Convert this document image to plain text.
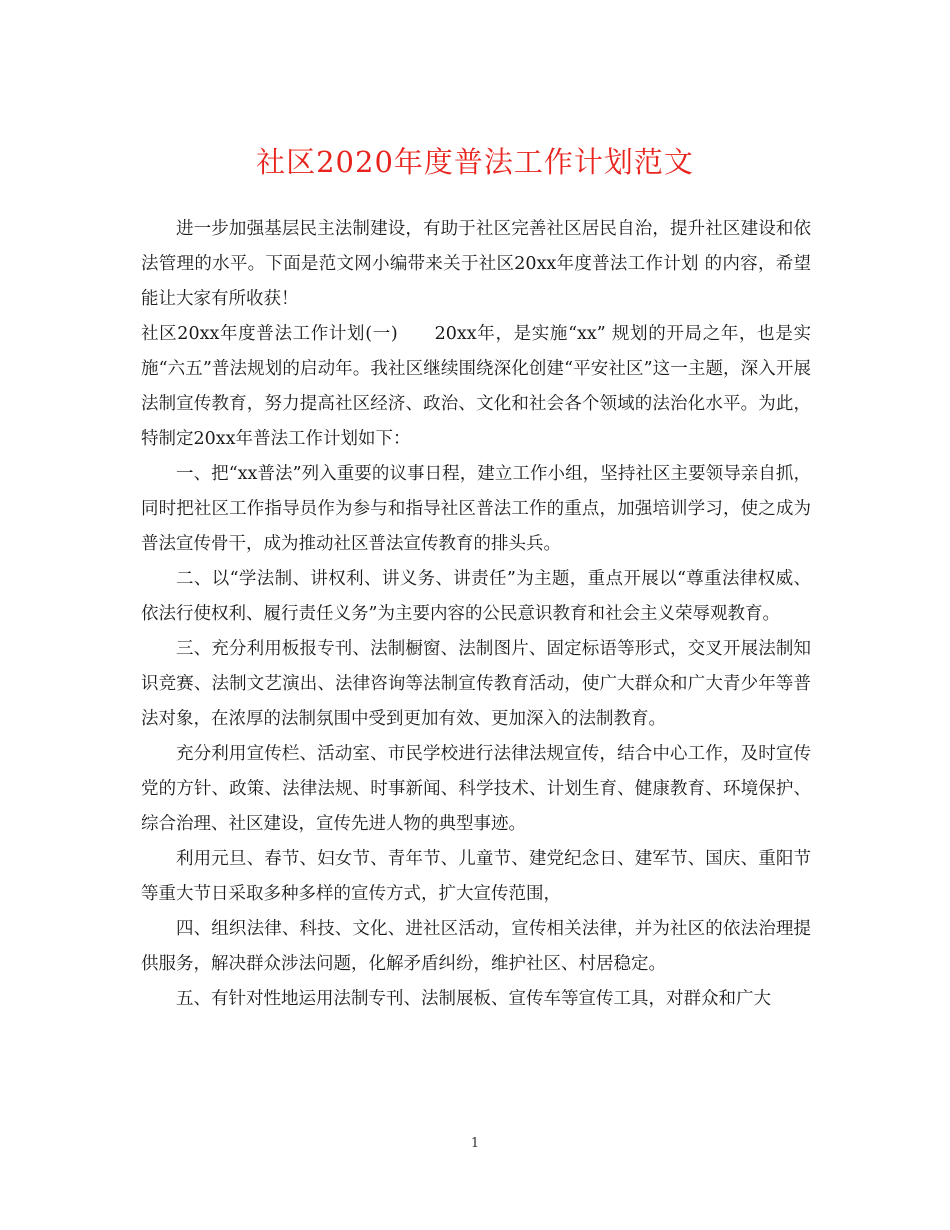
社区2020年度普法工作计划范文

进一步加强基层民主法制建设，有助于社区完善社区居民自治，提升社区建设和依法管理的水平。下面是范文网小编带来关于社区20xx年度普法工作计划 的内容，希望能让大家有所收获！

社区20xx年度普法工作计划(一)　　20xx年，是实施“xx” 规划的开局之年，也是实施“六五”普法规划的启动年。我社区继续围绕深化创建“平安社区”这一主题，深入开展法制宣传教育，努力提高社区经济、政治、文化和社会各个领域的法治化水平。为此，特制定20xx年普法工作计划如下：

一、把“xx普法”列入重要的议事日程，建立工作小组，坚持社区主要领导亲自抓，同时把社区工作指导员作为参与和指导社区普法工作的重点，加强培训学习，使之成为普法宣传骨干，成为推动社区普法宣传教育的排头兵。

二、以“学法制、讲权利、讲义务、讲责任”为主题，重点开展以“尊重法律权威、依法行使权利、履行责任义务”为主要内容的公民意识教育和社会主义荣辱观教育。

三、充分利用板报专刊、法制橱窗、法制图片、固定标语等形式，交叉开展法制知识竞赛、法制文艺演出、法律咨询等法制宣传教育活动，使广大群众和广大青少年等普法对象，在浓厚的法制氛围中受到更加有效、更加深入的法制教育。

充分利用宣传栏、活动室、市民学校进行法律法规宣传，结合中心工作，及时宣传党的方针、政策、法律法规、时事新闻、科学技术、计划生育、健康教育、环境保护、综合治理、社区建设，宣传先进人物的典型事迹。

利用元旦、春节、妇女节、青年节、儿童节、建党纪念日、建军节、国庆、重阳节等重大节日采取多种多样的宣传方式，扩大宣传范围，

四、组织法律、科技、文化、进社区活动，宣传相关法律，并为社区的依法治理提供服务，解决群众涉法问题，化解矛盾纠纷，维护社区、村居稳定。

五、有针对性地运用法制专刊、法制展板、宣传车等宣传工具，对群众和广大

1
